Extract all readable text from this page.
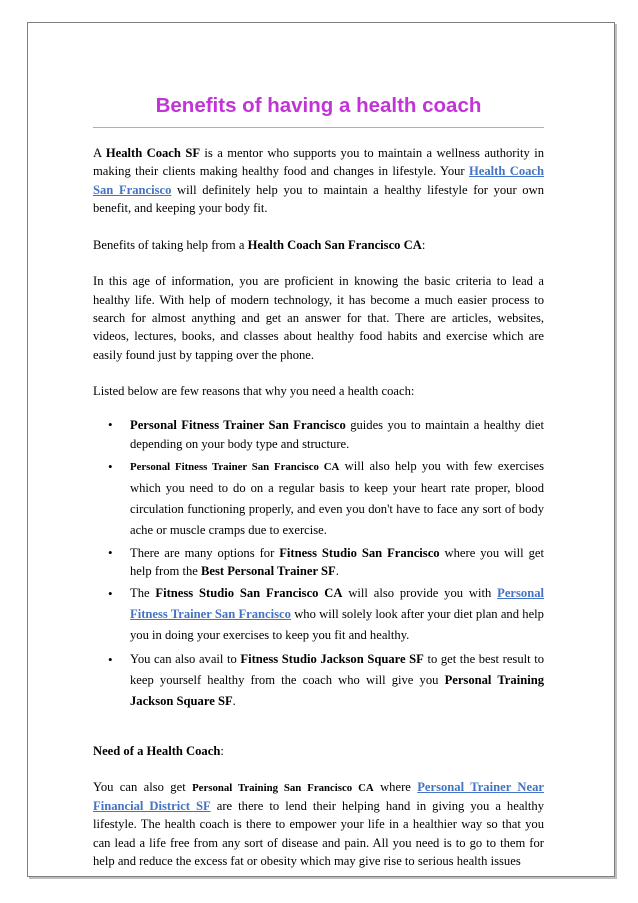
Benefits of having a health coach

A Health Coach SF is a mentor who supports you to maintain a wellness authority in making their clients making healthy food and changes in lifestyle. Your Health Coach San Francisco will definitely help you to maintain a healthy lifestyle for your own benefit, and keeping your body fit.

Benefits of taking help from a Health Coach San Francisco CA:

In this age of information, you are proficient in knowing the basic criteria to lead a healthy life. With help of modern technology, it has become a much easier process to search for almost anything and get an answer for that. There are articles, websites, videos, lectures, books, and classes about healthy food habits and exercise which are easily found just by tapping over the phone.

Listed below are few reasons that why you need a health coach:

• Personal Fitness Trainer San Francisco guides you to maintain a healthy diet depending on your body type and structure.
• Personal Fitness Trainer San Francisco CA will also help you with few exercises which you need to do on a regular basis to keep your heart rate proper, blood circulation functioning properly, and even you don't have to face any sort of body ache or muscle cramps due to exercise.
• There are many options for Fitness Studio San Francisco where you will get help from the Best Personal Trainer SF.
• The Fitness Studio San Francisco CA will also provide you with Personal Fitness Trainer San Francisco who will solely look after your diet plan and help you in doing your exercises to keep you fit and healthy.
• You can also avail to Fitness Studio Jackson Square SF to get the best result to keep yourself healthy from the coach who will give you Personal Training Jackson Square SF.

Need of a Health Coach:

You can also get Personal Training San Francisco CA where Personal Trainer Near Financial District SF are there to lend their helping hand in giving you a healthy lifestyle. The health coach is there to empower your life in a healthier way so that you can lead a life free from any sort of disease and pain. All you need is to go to them for help and reduce the excess fat or obesity which may give rise to serious health issues
